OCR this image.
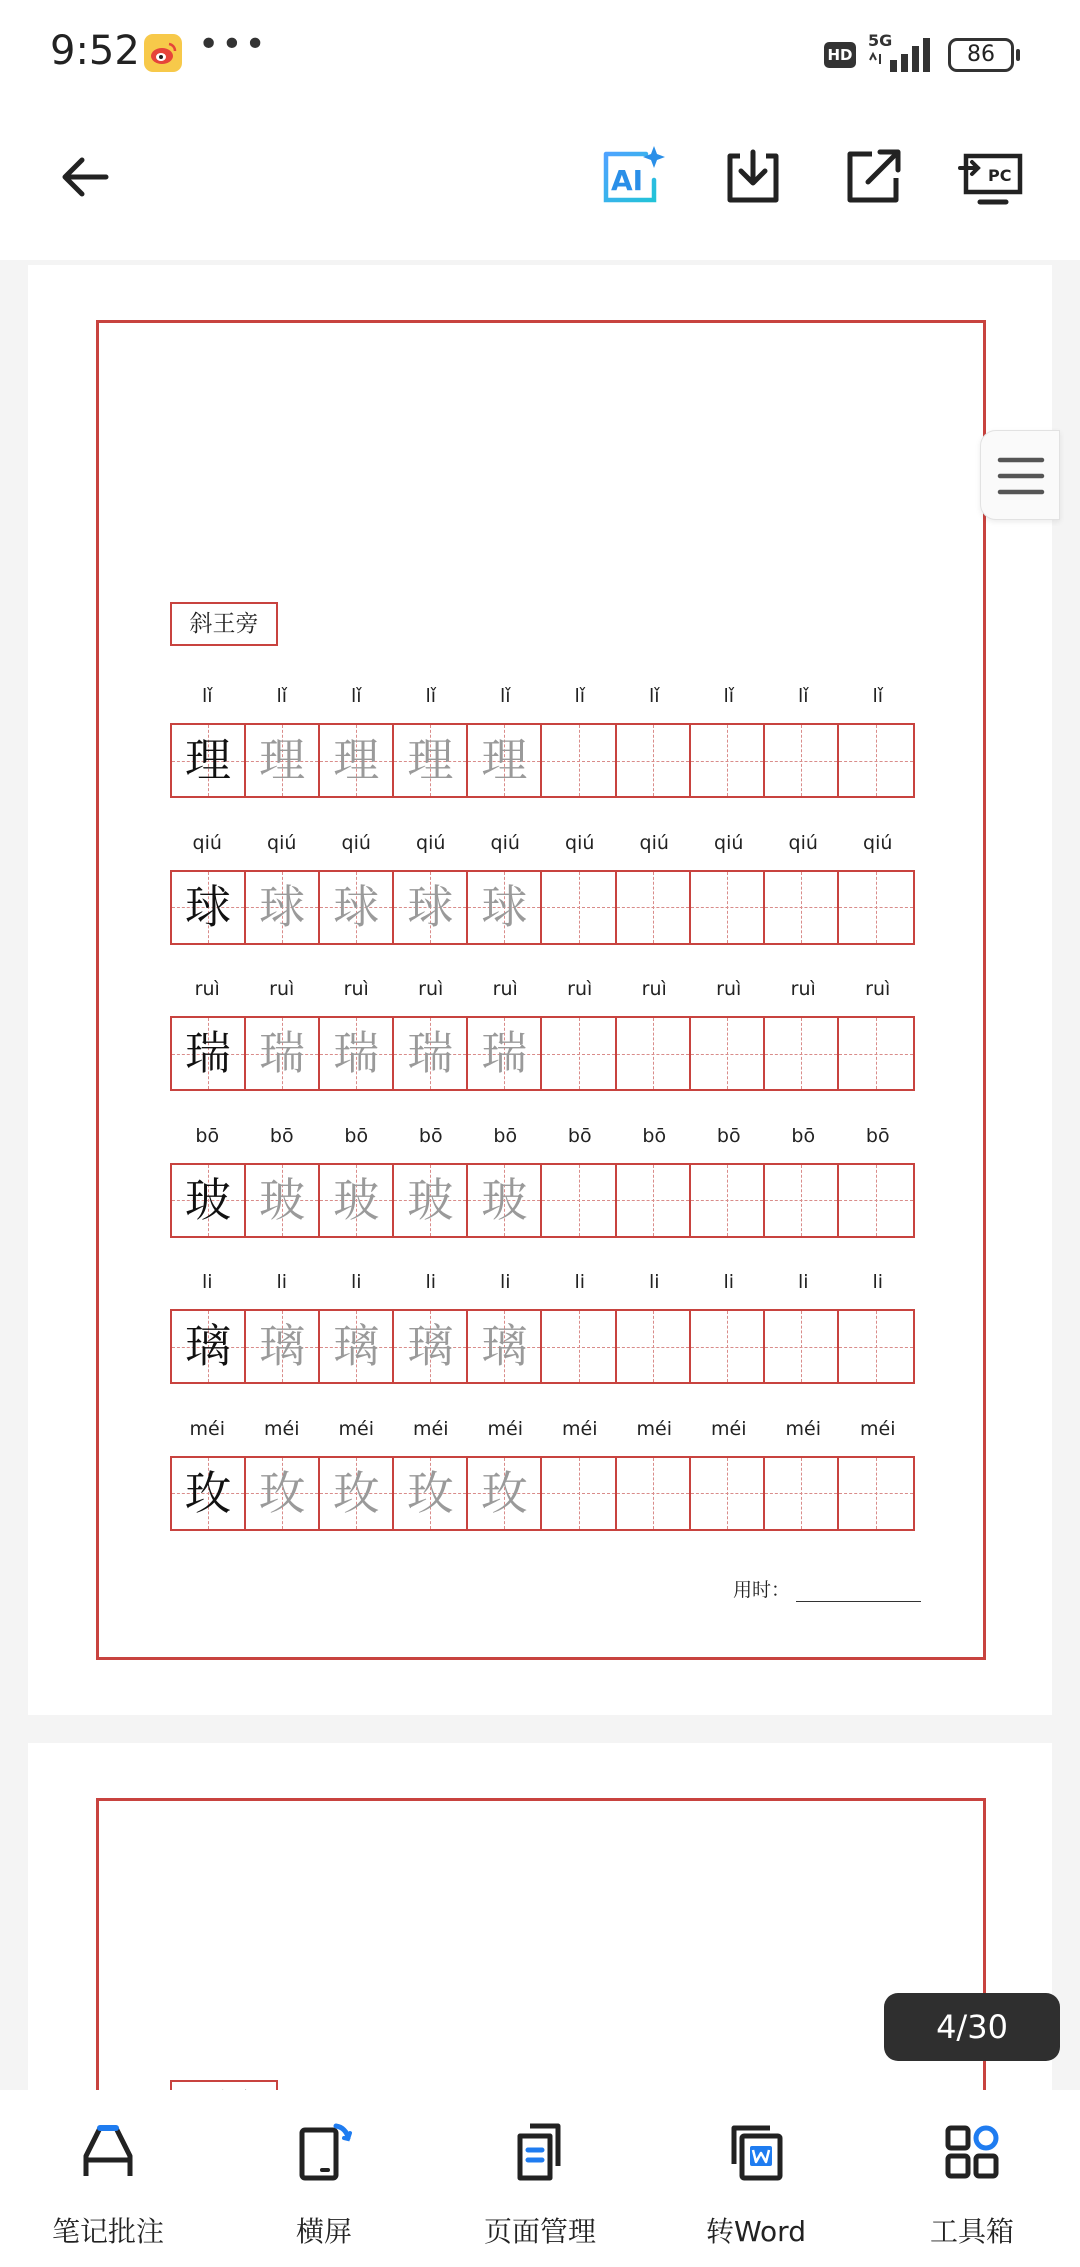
9:52 •••	HD
5G
86
AI	PC
斜王旁
lǐ	lǐ	lǐ	lǐ	lǐ	lǐ	lǐ	lǐ	lǐ	lǐ
理 理 理 理 理
qiú	qiú	qiú	qiú	qiú	qiú	qiú	qiú	qiú	qiú
球 球 球 球 球
ruì	ruì	ruì	ruì	ruì	ruì	ruì	ruì	ruì	ruì
瑞 瑞 瑞 瑞 瑞
bō	bō	bō	bō	bō	bō	bō	bō	bō	bō
玻 玻 玻 玻 玻
li	li	li	li	li	li	li	li	li	li
璃 璃 璃 璃 璃
méi	méi	méi	méi	méi	méi	méi	méi	méi	méi
玫 玫 玫 玫 玫
用时：
4/30
笔记批注	横屏	页面管理	转Word	工具箱
